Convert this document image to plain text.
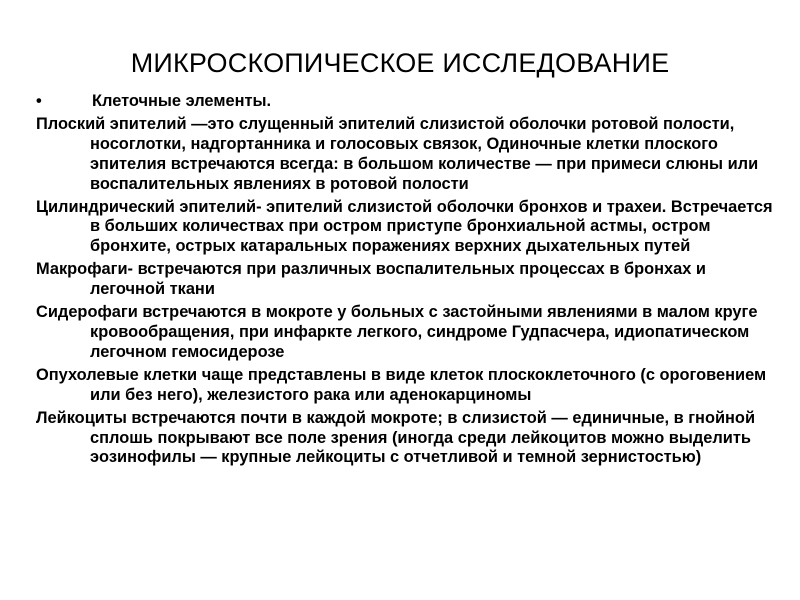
МИКРОСКОПИЧЕСКОЕ ИССЛЕДОВАНИЕ
•	Клеточные элементы.

Плоский эпителий —это слущенный эпителий слизистой оболочки ротовой полости, носоглотки, надгортанника и голосовых связок, Одиночные клетки плоского эпителия встречаются всегда: в большом количестве — при примеси слюны или воспалительных явлениях в ротовой полости

Цилиндрический эпителий- эпителий слизистой оболочки бронхов и трахеи. Встречается в больших количествах при остром приступе бронхиальной астмы, остром бронхите, острых катаральных поражениях верхних дыхательных путей

Макрофаги- встречаются при различных воспалительных процессах в бронхах и легочной ткани

Сидерофаги встречаются в мокроте у больных с застойными явлениями в малом круге кровообращения, при инфаркте легкого, синдроме Гудпасчера, идиопатическом легочном гемосидерозе

Опухолевые клетки чаще представлены в виде клеток плоскоклеточного (с ороговением или без него), железистого рака или аденокарциномы

Лейкоциты встречаются почти в каждой мокроте; в слизистой — единичные, в гнойной сплошь покрывают все поле зрения (иногда среди лейкоцитов можно выделить эозинофилы — крупные лейкоциты с отчетливой и темной зернистостью)
